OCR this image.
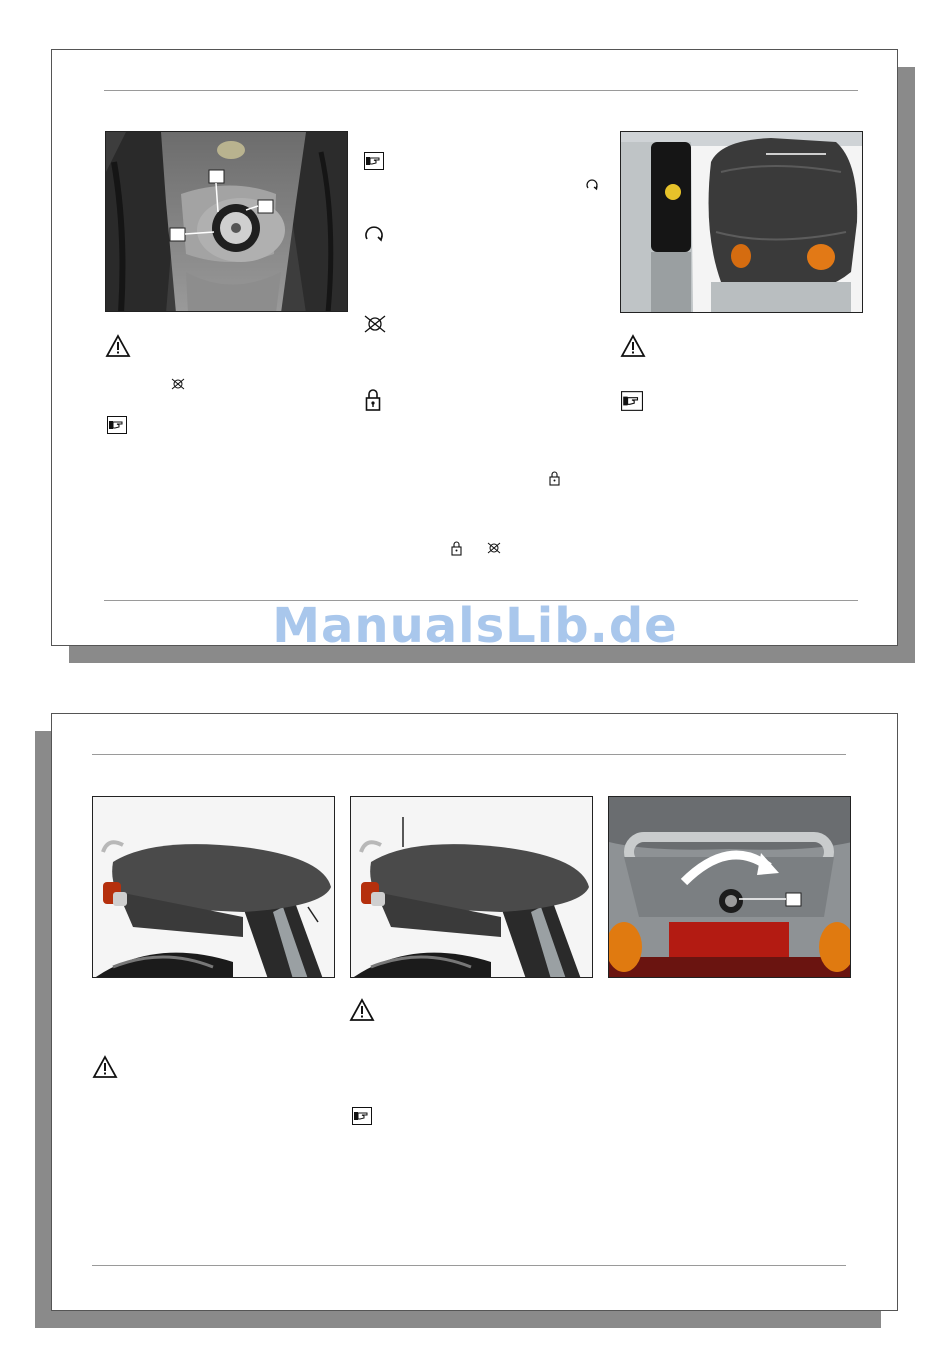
ManualsLib.de
